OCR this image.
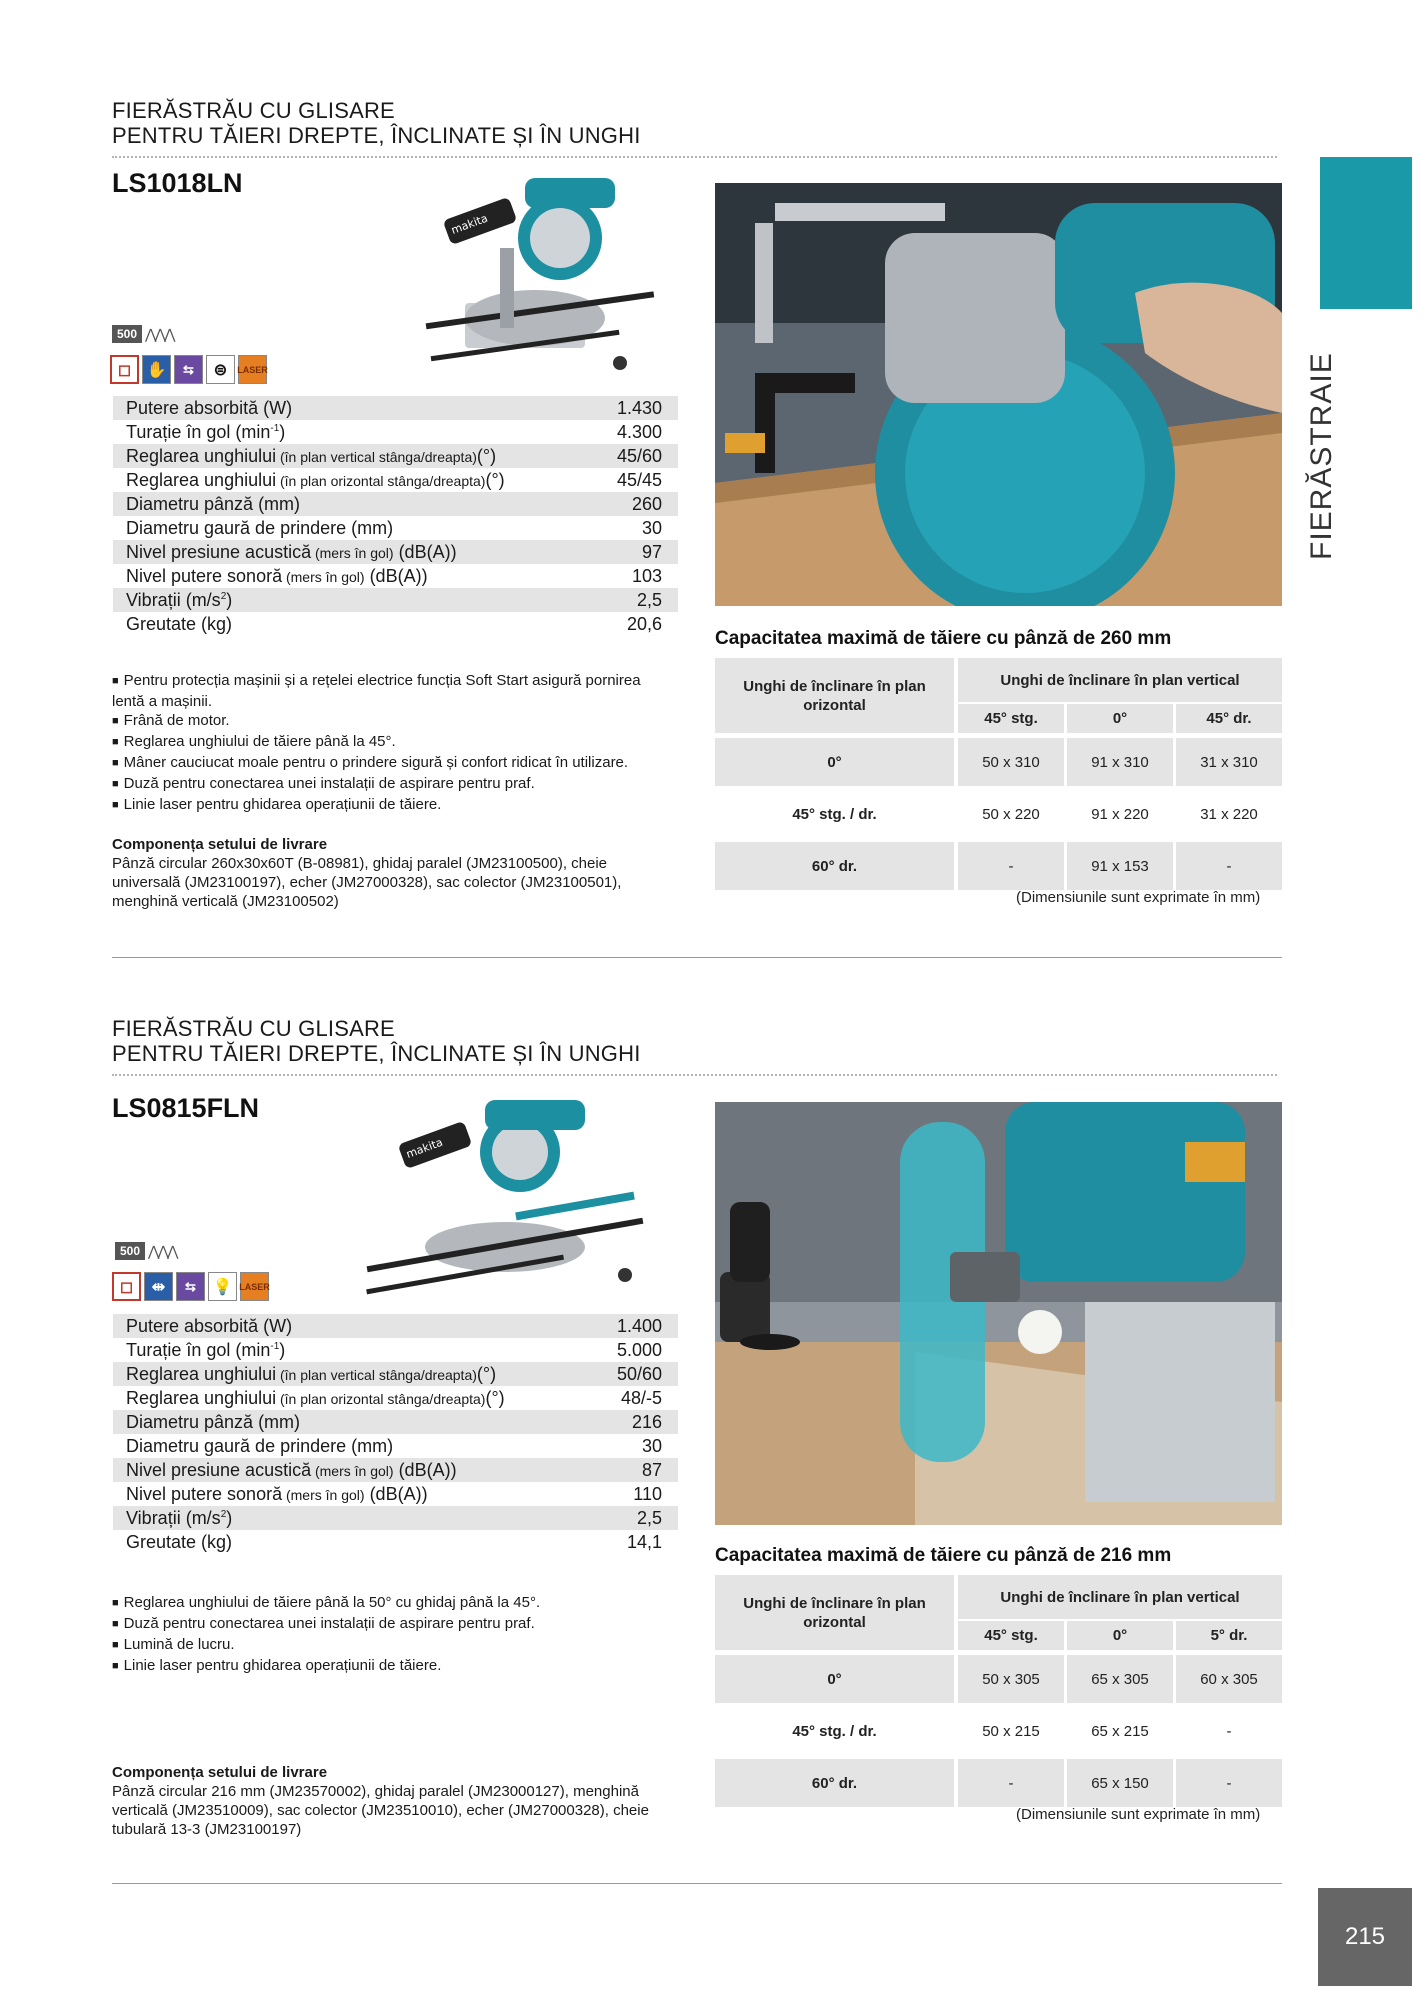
FIERĂSTRAIE
215
FIERĂSTRĂU CU GLISARE
PENTRU TĂIERI DREPTE, ÎNCLINATE ȘI ÎN UNGHI
LS1018LN
makita
500 ⋀⋀⋀
◻ ✋	⇆	⊜	LASER
Putere absorbită (W)	1.430
Turație în gol $(\min^{-1})$	4.300
Reglarea unghiului (în plan vertical stânga/dreapta)(°)	45/60
Reglarea unghiului (în plan orizontal stânga/dreapta)(°)	45/45
Diametru pânză (mm)	260
Diametru gaură de prindere (mm)	30
Nivel presiune acustică (mers în gol) (dB(A))	97
Nivel putere sonoră (mers în gol) (dB(A))	103
Vibrații $(m/s^2)$	2,5
Greutate (kg)	20,6
■ Pentru protecția mașinii și a rețelei electrice funcția Soft Start asigură pornirea lentă a mașinii.
■ Frână de motor.
■ Reglarea unghiului de tăiere până la 45°.
■ Mâner cauciucat moale pentru o prindere sigură și confort ridicat în utilizare.
■ Duză pentru conectarea unei instalații de aspirare pentru praf.
■ Linie laser pentru ghidarea operațiunii de tăiere.
Componența setului de livrare
Pânză circular 260x30x60T (B-08981), ghidaj paralel (JM23100500), cheie universală (JM23100197), echer (JM27000328), sac colector (JM23100501), menghină verticală (JM23100502)
Capacitatea maximă de tăiere cu pânză de 260 mm
Unghi de înclinare în plan orizontal
Unghi de înclinare în plan vertical
45° stg.	0°	45° dr.
0°	50 x 310	91 x 310	31 x 310
45° stg. / dr.	50 x 220	91 x 220	31 x 220
60° dr.	-	91 x 153	-
(Dimensiunile sunt exprimate în mm)
FIERĂSTRĂU CU GLISARE
PENTRU TĂIERI DREPTE, ÎNCLINATE ȘI ÎN UNGHI
LS0815FLN
makita
500 ⋀⋀⋀
◻	⇹	⇆	💡 LASER
Putere absorbită (W)	1.400
Turație în gol $(\min^{-1})$	5.000
Reglarea unghiului (în plan vertical stânga/dreapta)(°)	50/60
Reglarea unghiului (în plan orizontal stânga/dreapta)(°)	48/-5
Diametru pânză (mm)	216
Diametru gaură de prindere (mm)	30
Nivel presiune acustică (mers în gol) (dB(A))	87
Nivel putere sonoră (mers în gol) (dB(A))	110
Vibrații $(m/s^2)$	2,5
Greutate (kg)	14,1
■ Reglarea unghiului de tăiere până la 50° cu ghidaj până la 45°.
■ Duză pentru conectarea unei instalații de aspirare pentru praf.
■ Lumină de lucru.
■ Linie laser pentru ghidarea operațiunii de tăiere.
Componența setului de livrare
Pânză circular 216 mm (JM23570002), ghidaj paralel (JM23000127), menghină verticală (JM23510009), sac colector (JM23510010), echer (JM27000328), cheie tubulară 13-3 (JM23100197)
Capacitatea maximă de tăiere cu pânză de 216 mm
Unghi de înclinare în plan orizontal
Unghi de înclinare în plan vertical
45° stg.	0°	5° dr.
0°	50 x 305	65 x 305	60 x 305
45° stg. / dr.	50 x 215	65 x 215	-
60° dr.	-	65 x 150	-
(Dimensiunile sunt exprimate în mm)
